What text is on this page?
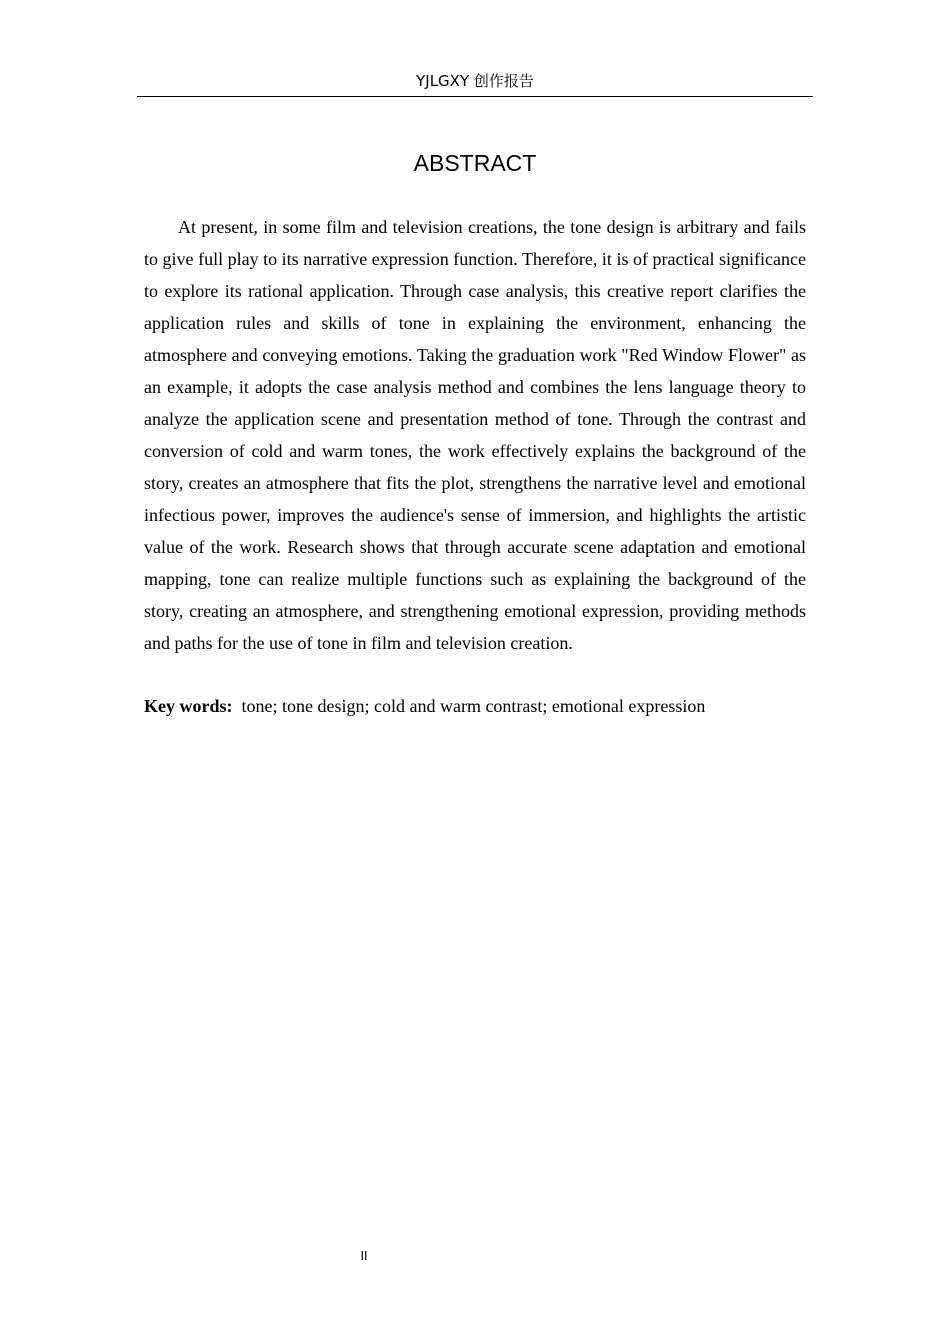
YJLGXY 创作报告
ABSTRACT

At present, in some film and television creations, the tone design is arbitrary and fails to give full play to its narrative expression function. Therefore, it is of practical significance to explore its rational application. Through case analysis, this creative report clarifies the application rules and skills of tone in explaining the environment, enhancing the atmosphere and conveying emotions. Taking the graduation work "Red Window Flower" as an example, it adopts the case analysis method and combines the lens language theory to analyze the application scene and presentation method of tone. Through the contrast and conversion of cold and warm tones, the work effectively explains the background of the story, creates an atmosphere that fits the plot, strengthens the narrative level and emotional infectious power, improves the audience's sense of immersion, and highlights the artistic value of the work. Research shows that through accurate scene adaptation and emotional mapping, tone can realize multiple functions such as explaining the background of the story, creating an atmosphere, and strengthening emotional expression, providing methods and paths for the use of tone in film and television creation.

Key words: tone; tone design; cold and warm contrast; emotional expression

II
